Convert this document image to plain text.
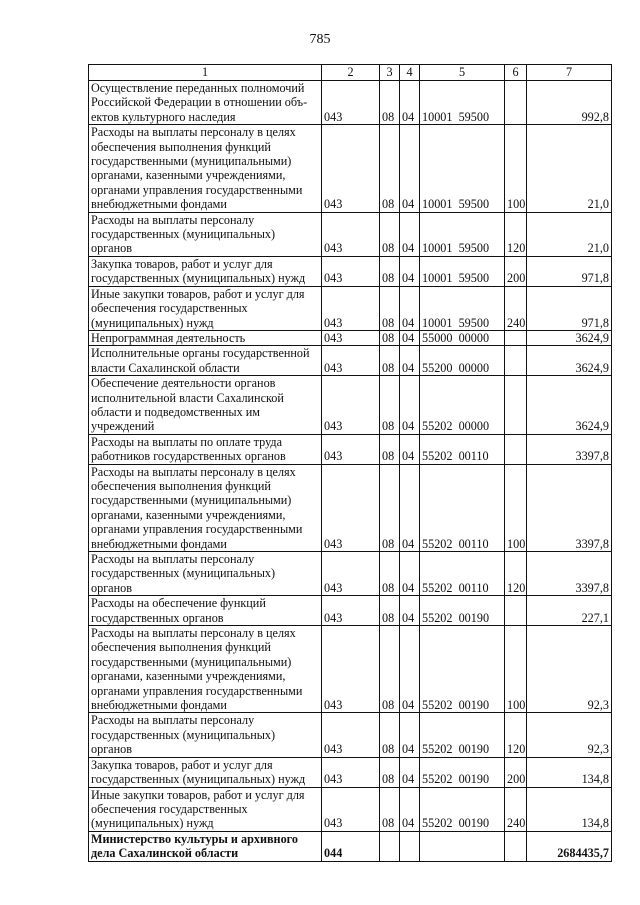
785
1	2	3	4	5	6	7
Осуществление переданных полномочий Российской Федерации в отношении объ-ектов культурного наследия	043	08	04	10001  59500		992,8
Расходы на выплаты персоналу в целях обеспечения выполнения функций государственными (муниципальными) органами, казенными учреждениями, органами управления государственными внебюджетными фондами	043	08	04	10001  59500	100	21,0
Расходы на выплаты персоналу государственных (муниципальных) органов	043	08	04	10001  59500	120	21,0
Закупка товаров, работ и услуг для государственных (муниципальных) нужд	043	08	04	10001  59500	200	971,8
Иные закупки товаров, работ и услуг для обеспечения государственных (муниципальных) нужд	043	08	04	10001  59500	240	971,8
Непрограммная деятельность	043	08	04	55000  00000		3624,9
Исполнительные органы государственной власти Сахалинской области	043	08	04	55200  00000		3624,9
Обеспечение деятельности органов исполнительной власти Сахалинской области и подведомственных им учреждений	043	08	04	55202  00000		3624,9
Расходы на выплаты по оплате труда работников государственных органов	043	08	04	55202  00110		3397,8
Расходы на выплаты персоналу в целях обеспечения выполнения функций государственными (муниципальными) органами, казенными учреждениями, органами управления государственными внебюджетными фондами	043	08	04	55202  00110	100	3397,8
Расходы на выплаты персоналу государственных (муниципальных) органов	043	08	04	55202  00110	120	3397,8
Расходы на обеспечение функций государственных органов	043	08	04	55202  00190		227,1
Расходы на выплаты персоналу в целях обеспечения выполнения функций государственными (муниципальными) органами, казенными учреждениями, органами управления государственными внебюджетными фондами	043	08	04	55202  00190	100	92,3
Расходы на выплаты персоналу государственных (муниципальных) органов	043	08	04	55202  00190	120	92,3
Закупка товаров, работ и услуг для государственных (муниципальных) нужд	043	08	04	55202  00190	200	134,8
Иные закупки товаров, работ и услуг для обеспечения государственных (муниципальных) нужд	043	08	04	55202  00190	240	134,8
Министерство культуры и архивного дела Сахалинской области	044					2684435,7
